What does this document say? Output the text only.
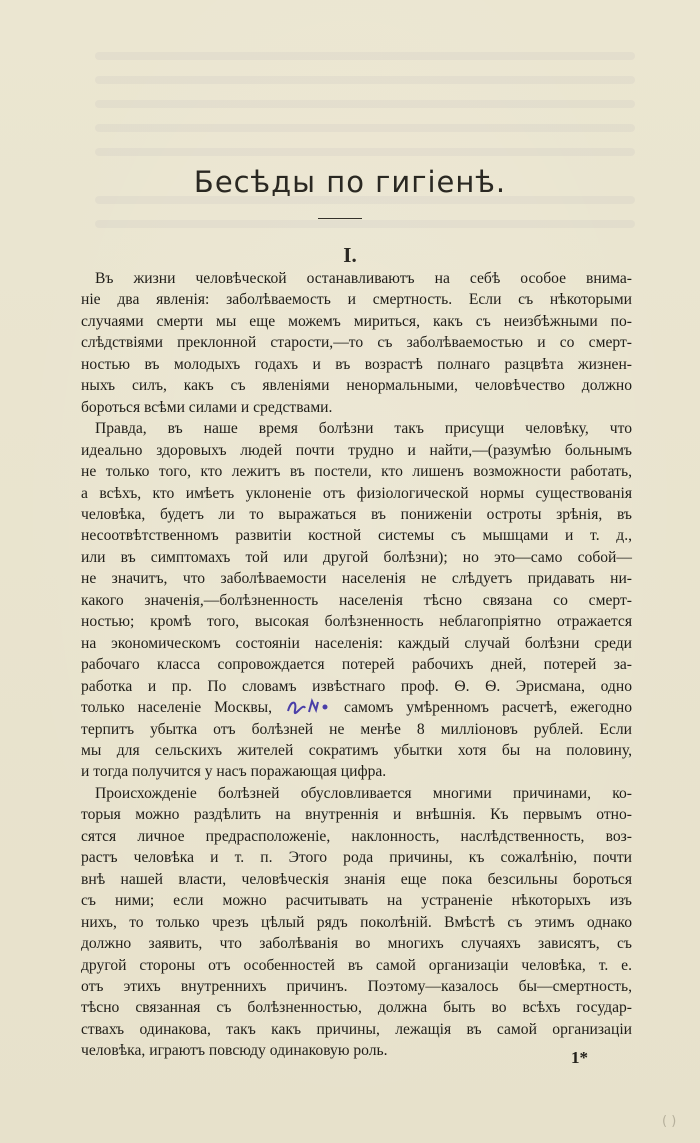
Бесѣды по гигіенѣ.
I.

Въ жизни человѣческой останавливаютъ на себѣ особое внима-
ніе два явленія: заболѣваемость и смертность. Если съ нѣкоторыми
случаями смерти мы еще можемъ мириться, какъ съ неизбѣжными по-
слѣдствіями преклонной старости,—то съ заболѣваемостью и со смерт-
ностью въ молодыхъ годахъ и въ возрастѣ полнаго разцвѣта жизнен-
ныхъ силъ, какъ съ явленіями ненормальными, человѣчество должно
бороться всѣми силами и средствами.

Правда, въ наше время болѣзни такъ присущи человѣку, что
идеально здоровыхъ людей почти трудно и найти,—(разумѣю больнымъ
не только того, кто лежитъ въ постели, кто лишенъ возможности работать,
а всѣхъ, кто имѣетъ уклоненіе отъ физіологической нормы существованія
человѣка, будетъ ли то выражаться въ пониженіи остроты зрѣнія, въ
несоотвѣтственномъ развитіи костной системы съ мышцами и т. д.,
или въ симптомахъ той или другой болѣзни); но это—само собой—
не значитъ, что заболѣваемости населенія не слѣдуетъ придавать ни-
какого значенія,—болѣзненность населенія тѣсно связана со смерт-
ностью; кромѣ того, высокая болѣзненность неблагопріятно отражается
на экономическомъ состояніи населенія: каждый случай болѣзни среди
рабочаго класса сопровождается потерей рабочихъ дней, потерей за-
работка и пр. По словамъ извѣстнаго проф. Ѳ. Ѳ. Эрисмана, одно
только населеніе Москвы,	самомъ умѣренномъ расчетѣ, ежегодно
терпитъ убытка отъ болѣзней не менѣе 8 милліоновъ рублей. Если
мы для сельскихъ жителей сократимъ убытки хотя бы на половину,
и тогда получится у насъ поражающая цифра.

Происхожденіе болѣзней обусловливается многими причинами, ко-
торыя можно раздѣлить на внутреннія и внѣшнія. Къ первымъ отно-
сятся личное предрасположеніе, наклонность, наслѣдственность, воз-
растъ человѣка и т. п. Этого рода причины, къ сожалѣнію, почти
внѣ нашей власти, человѣческія знанія еще пока безсильны бороться
съ ними; если можно расчитывать на устраненіе нѣкоторыхъ изъ
нихъ, то только чрезъ цѣлый рядъ поколѣній. Вмѣстѣ съ этимъ однако
должно заявить, что заболѣванія во многихъ случаяхъ зависятъ, съ
другой стороны отъ особенностей въ самой организаціи человѣка, т. е.
отъ этихъ внутреннихъ причинъ. Поэтому—казалось бы—смертность,
тѣсно связанная съ болѣзненностью, должна быть во всѣхъ государ-
ствахъ одинакова, такъ какъ причины, лежащія въ самой организаціи
человѣка, играютъ повсюду одинаковую роль.	1*
( )
